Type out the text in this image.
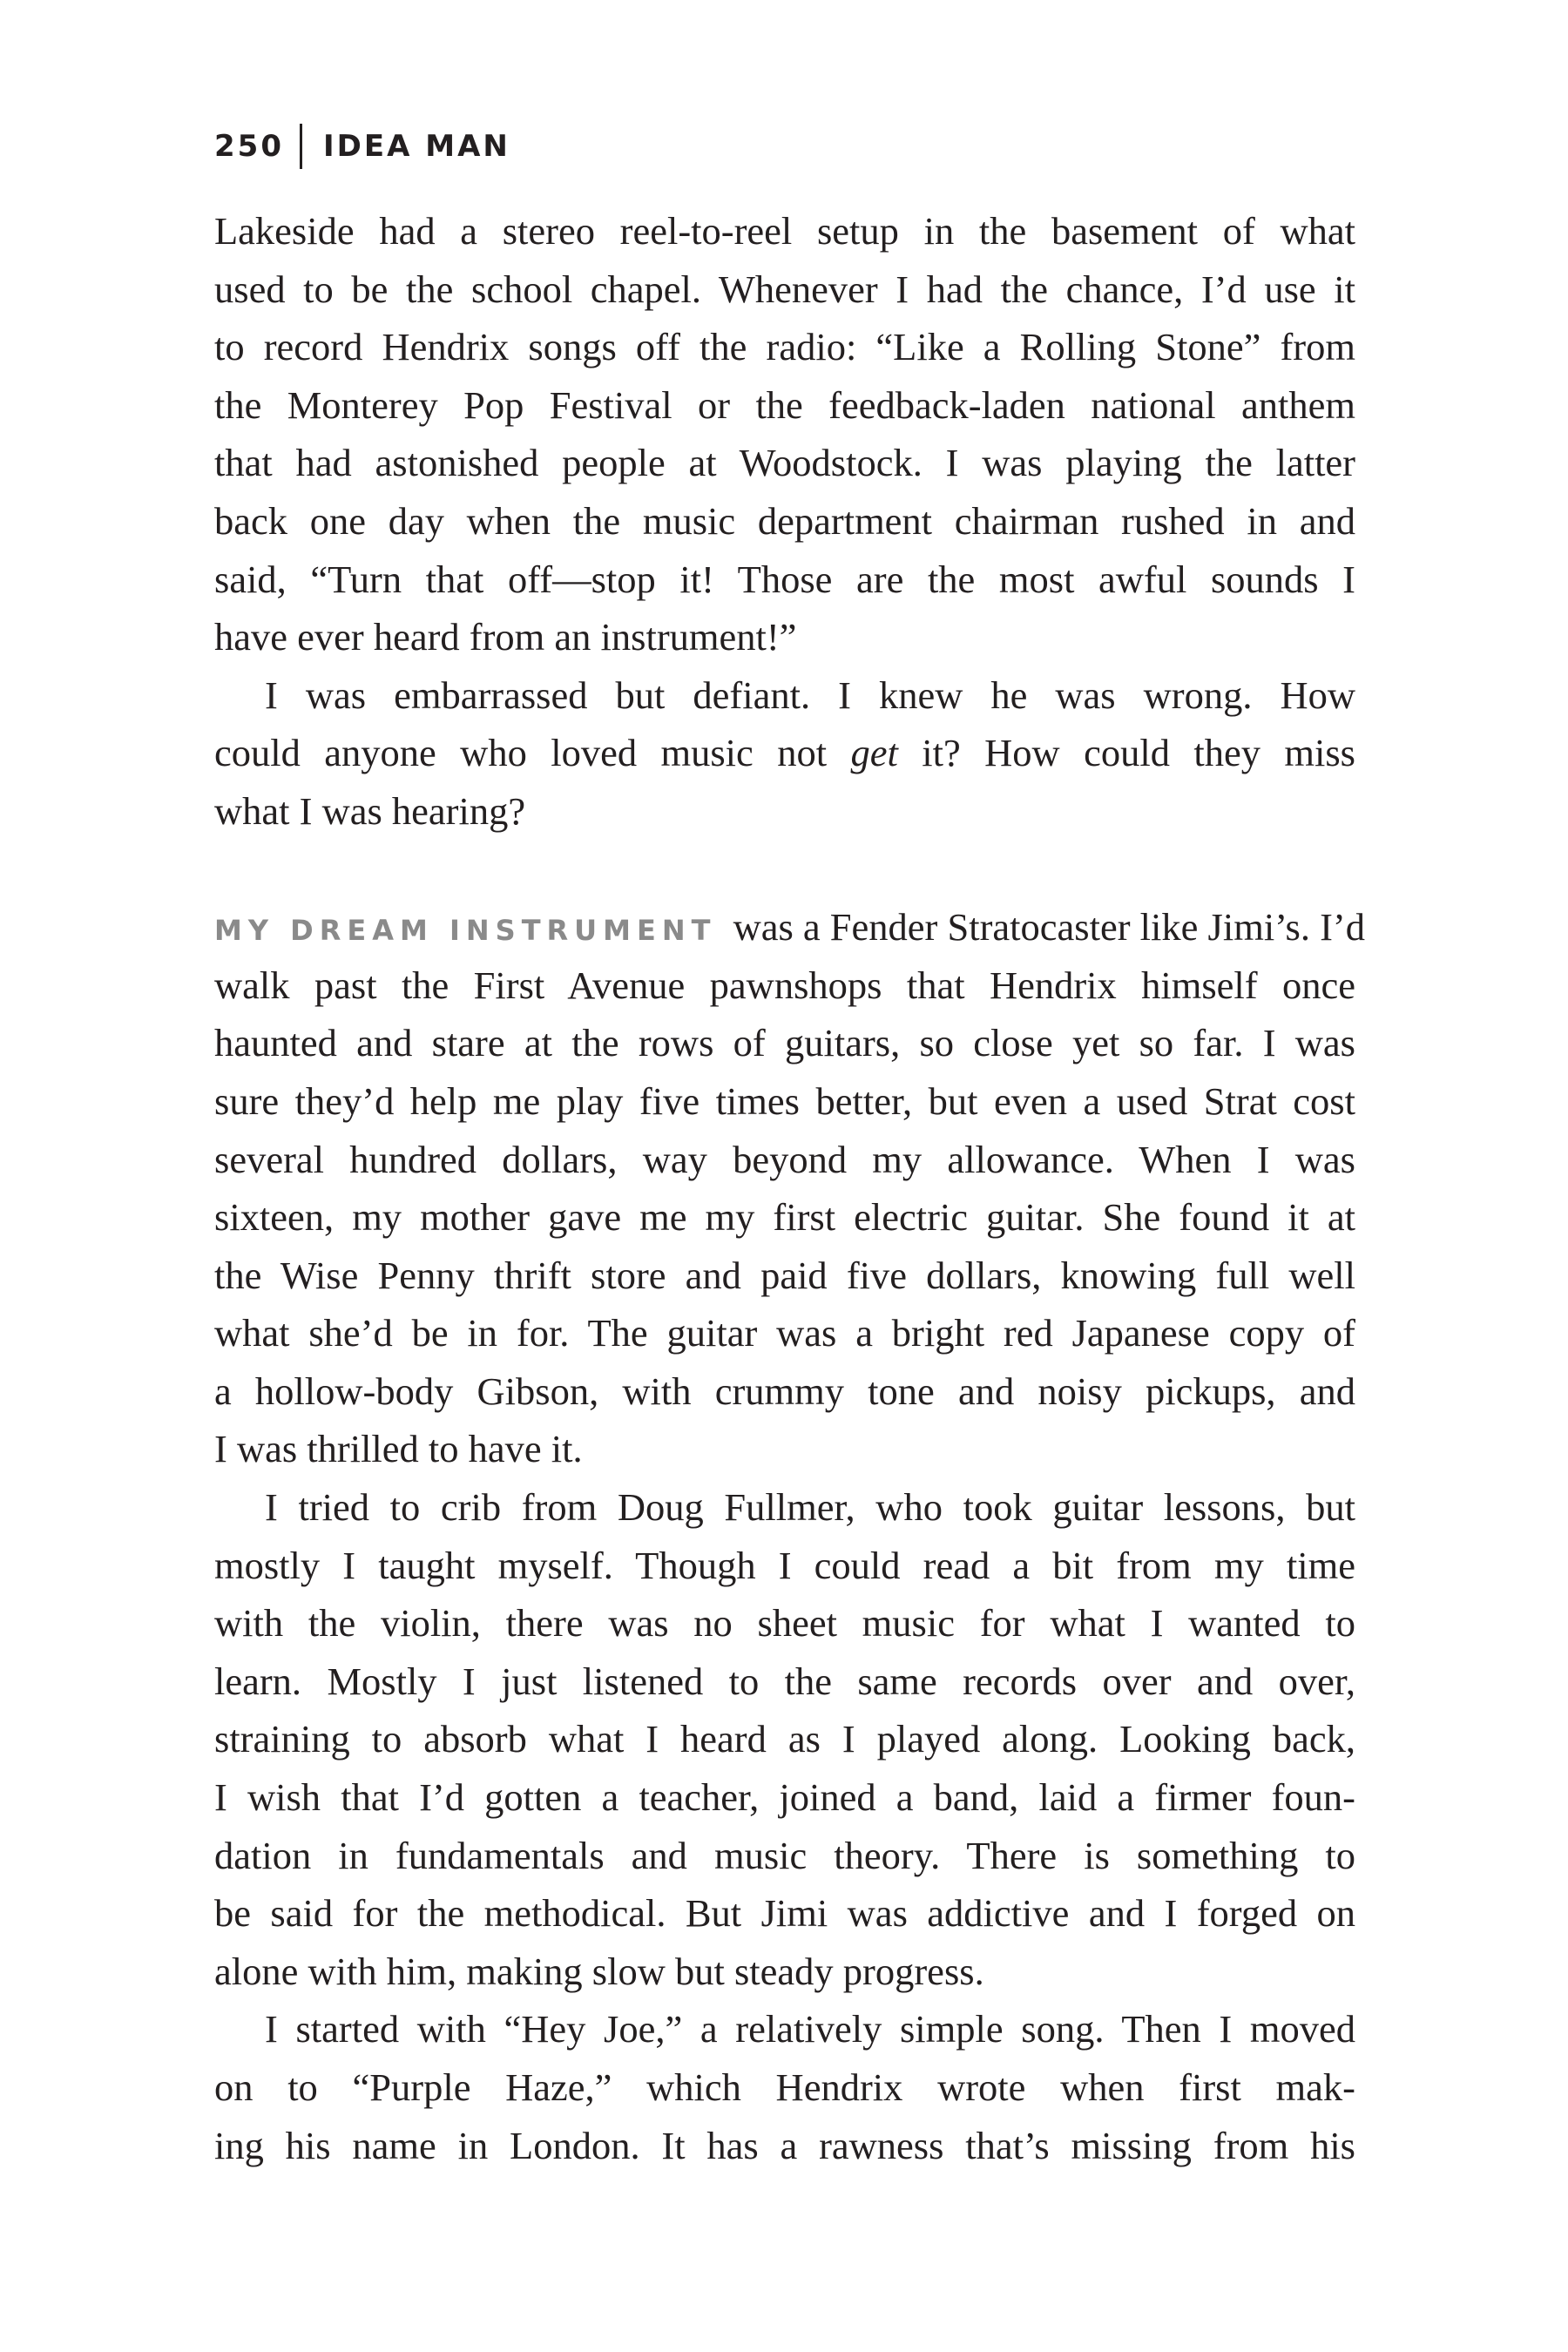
250 IDEA MAN
Lakeside had a stereo reel-to-reel setup in the basement of what
used to be the school chapel. Whenever I had the chance, I’d use it
to record Hendrix songs off the radio: “Like a Rolling Stone” from
the Monterey Pop Festival or the feedback-laden national anthem
that had astonished people at Woodstock. I was playing the latter
back one day when the music department chairman rushed in and
said, “Turn that off—stop it! Those are the most awful sounds I
have ever heard from an instrument!”
I was embarrassed but defiant. I knew he was wrong. How
could anyone who loved music not get it? How could they miss
what I was hearing?
MY DREAM INSTRUMENT was a Fender Stratocaster like Jimi’s. I’d
walk past the First Avenue pawnshops that Hendrix himself once
haunted and stare at the rows of guitars, so close yet so far. I was
sure they’d help me play five times better, but even a used Strat cost
several hundred dollars, way beyond my allowance. When I was
sixteen, my mother gave me my first electric guitar. She found it at
the Wise Penny thrift store and paid five dollars, knowing full well
what she’d be in for. The guitar was a bright red Japanese copy of
a hollow-body Gibson, with crummy tone and noisy pickups, and
I was thrilled to have it.
I tried to crib from Doug Fullmer, who took guitar lessons, but
mostly I taught myself. Though I could read a bit from my time
with the violin, there was no sheet music for what I wanted to
learn. Mostly I just listened to the same records over and over,
straining to absorb what I heard as I played along. Looking back,
I wish that I’d gotten a teacher, joined a band, laid a firmer foun-
dation in fundamentals and music theory. There is something to
be said for the methodical. But Jimi was addictive and I forged on
alone with him, making slow but steady progress.
I started with “Hey Joe,” a relatively simple song. Then I moved
on to “Purple Haze,” which Hendrix wrote when first mak-
ing his name in London. It has a rawness that’s missing from his
